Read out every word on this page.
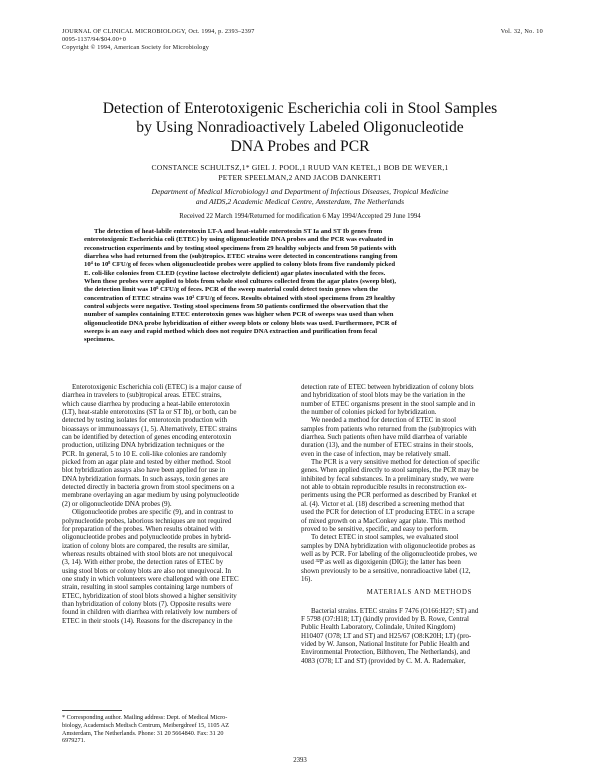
JOURNAL OF CLINICAL MICROBIOLOGY, Oct. 1994, p. 2393–2397
0095-1137/94/$04.00+0
Copyright © 1994, American Society for Microbiology
Vol. 32, No. 10
Detection of Enterotoxigenic Escherichia coli in Stool Samples
by Using Nonradioactively Labeled Oligonucleotide
DNA Probes and PCR
CONSTANCE SCHULTSZ,1* GIEL J. POOL,1 RUUD VAN KETEL,1 BOB DE WEVER,1
PETER SPEELMAN,2 AND JACOB DANKERT1
Department of Medical Microbiology1 and Department of Infectious Diseases, Tropical Medicine
and AIDS,2 Academic Medical Centre, Amsterdam, The Netherlands
Received 22 March 1994/Returned for modification 6 May 1994/Accepted 29 June 1994
The detection of heat-labile enterotoxin LT-A and heat-stable enterotoxin ST Ia and ST Ib genes from
enterotoxigenic Escherichia coli (ETEC) by using oligonucleotide DNA probes and the PCR was evaluated in
reconstruction experiments and by testing stool specimens from 29 healthy subjects and from 50 patients with
diarrhea who had returned from the (sub)tropics. ETEC strains were detected in concentrations ranging from
10⁴ to 10⁸ CFU/g of feces when oligonucleotide probes were applied to colony blots from five randomly picked
E. coli-like colonies from CLED (cystine lactose electrolyte deficient) agar plates inoculated with the feces.
When these probes were applied to blots from whole stool cultures collected from the agar plates (sweep blot),
the detection limit was 10⁶ CFU/g of feces. PCR of the sweep material could detect toxin genes when the
concentration of ETEC strains was 10² CFU/g of feces. Results obtained with stool specimens from 29 healthy
control subjects were negative. Testing stool specimens from 50 patients confirmed the observation that the
number of samples containing ETEC enterotoxin genes was higher when PCR of sweeps was used than when
oligonucleotide DNA probe hybridization of either sweep blots or colony blots was used. Furthermore, PCR of
sweeps is an easy and rapid method which does not require DNA extraction and purification from fecal
specimens.
Enterotoxigenic Escherichia coli (ETEC) is a major cause of
diarrhea in travelers to (sub)tropical areas. ETEC strains,
which cause diarrhea by producing a heat-labile enterotoxin
(LT), heat-stable enterotoxins (ST Ia or ST Ib), or both, can be
detected by testing isolates for enterotoxin production with
bioassays or immunoassays (1, 5). Alternatively, ETEC strains
can be identified by detection of genes encoding enterotoxin
production, utilizing DNA hybridization techniques or the
PCR. In general, 5 to 10 E. coli-like colonies are randomly
picked from an agar plate and tested by either method. Stool
blot hybridization assays also have been applied for use in
DNA hybridization formats. In such assays, toxin genes are
detected directly in bacteria grown from stool specimens on a
membrane overlaying an agar medium by using polynucleotide
(2) or oligonucleotide DNA probes (9).
Oligonucleotide probes are specific (9), and in contrast to
polynucleotide probes, laborious techniques are not required
for preparation of the probes. When results obtained with
oligonucleotide probes and polynucleotide probes in hybrid-
ization of colony blots are compared, the results are similar,
whereas results obtained with stool blots are not unequivocal
(3, 14). With either probe, the detection rates of ETEC by
using stool blots or colony blots are also not unequivocal. In
one study in which volunteers were challenged with one ETEC
strain, resulting in stool samples containing large numbers of
ETEC, hybridization of stool blots showed a higher sensitivity
than hybridization of colony blots (7). Opposite results were
found in children with diarrhea with relatively low numbers of
ETEC in their stools (14). Reasons for the discrepancy in the
detection rate of ETEC between hybridization of colony blots
and hybridization of stool blots may be the variation in the
number of ETEC organisms present in the stool sample and in
the number of colonies picked for hybridization.
We needed a method for detection of ETEC in stool
samples from patients who returned from the (sub)tropics with
diarrhea. Such patients often have mild diarrhea of variable
duration (13), and the number of ETEC strains in their stools,
even in the case of infection, may be relatively small.
The PCR is a very sensitive method for detection of specific
genes. When applied directly to stool samples, the PCR may be
inhibited by fecal substances. In a preliminary study, we were
not able to obtain reproducible results in reconstruction ex-
periments using the PCR performed as described by Frankel et
al. (4). Victor et al. (18) described a screening method that
used the PCR for detection of LT producing ETEC in a scrape
of mixed growth on a MacConkey agar plate. This method
proved to be sensitive, specific, and easy to perform.
To detect ETEC in stool samples, we evaluated stool
samples by DNA hybridization with oligonucleotide probes as
well as by PCR. For labeling of the oligonucleotide probes, we
used ³²P as well as digoxigenin (DIG); the latter has been
shown previously to be a sensitive, nonradioactive label (12,
16).
MATERIALS AND METHODS
Bacterial strains. ETEC strains F 7476 (O166:H27; ST) and
F 5798 (O7:H18; LT) (kindly provided by B. Rowe, Central
Public Health Laboratory, Colindale, United Kingdom)
H10407 (O78; LT and ST) and H25/67 (O8:K20H; LT) (pro-
vided by W. Janson, National Institute for Public Health and
Environmental Protection, Bilthoven, The Netherlands), and
4083 (O78; LT and ST) (provided by C. M. A. Rademaker,
* Corresponding author. Mailing address: Dept. of Medical Micro-
biology, Academisch Medisch Centrum, Meibergdreef 15, 1105 AZ
Amsterdam, The Netherlands. Phone: 31 20 5664840. Fax: 31 20
6979271.
2393
